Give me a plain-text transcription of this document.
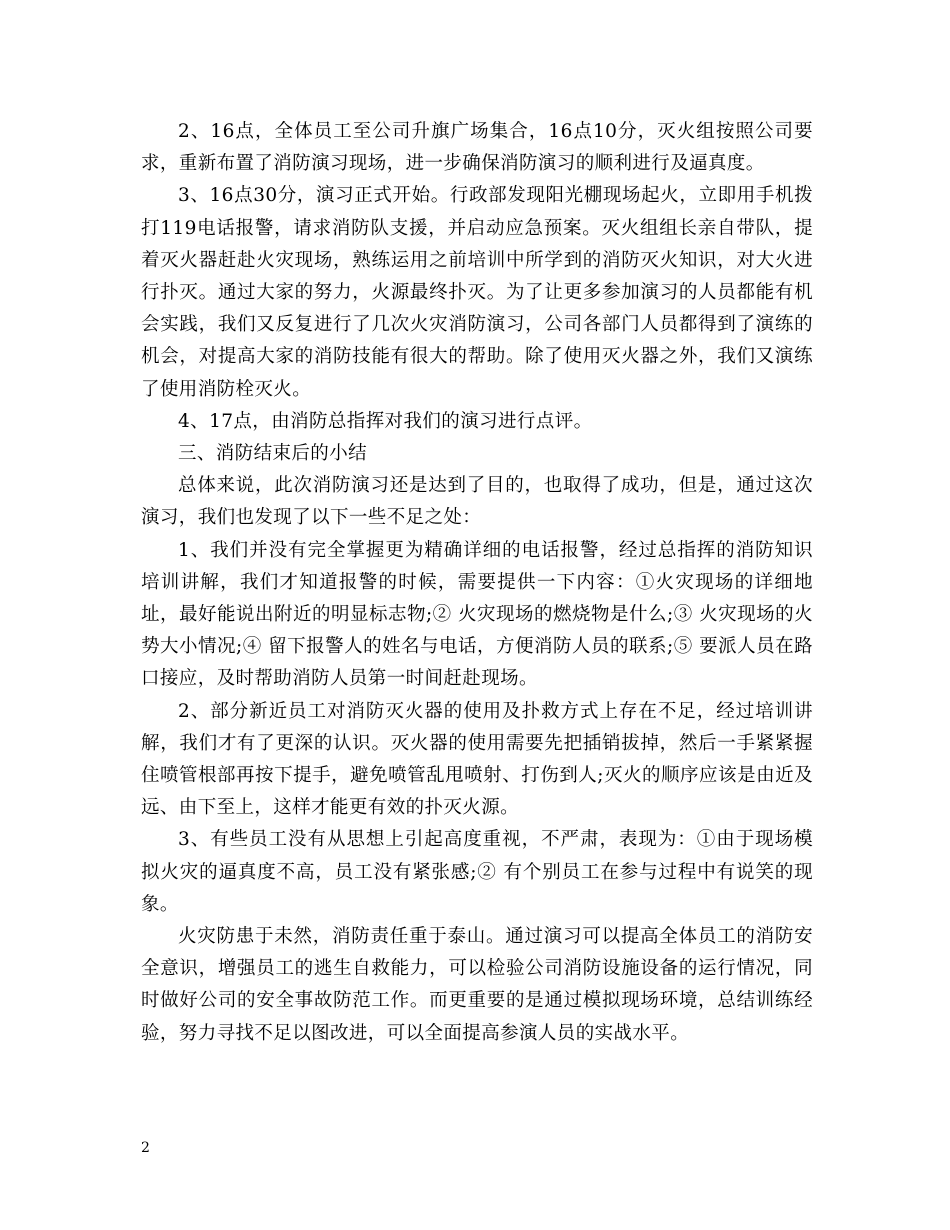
2、16点，全体员工至公司升旗广场集合，16点10分，灭火组按照公司要求，重新布置了消防演习现场，进一步确保消防演习的顺利进行及逼真度。

3、16点30分，演习正式开始。行政部发现阳光棚现场起火，立即用手机拨打119电话报警，请求消防队支援，并启动应急预案。灭火组组长亲自带队，提着灭火器赶赴火灾现场，熟练运用之前培训中所学到的消防灭火知识，对大火进行扑灭。通过大家的努力，火源最终扑灭。为了让更多参加演习的人员都能有机会实践，我们又反复进行了几次火灾消防演习，公司各部门人员都得到了演练的机会，对提高大家的消防技能有很大的帮助。除了使用灭火器之外，我们又演练了使用消防栓灭火。

4、17点，由消防总指挥对我们的演习进行点评。

三、消防结束后的小结

总体来说，此次消防演习还是达到了目的，也取得了成功，但是，通过这次演习，我们也发现了以下一些不足之处：

1、我们并没有完全掌握更为精确详细的电话报警，经过总指挥的消防知识培训讲解，我们才知道报警的时候，需要提供一下内容：①火灾现场的详细地址，最好能说出附近的明显标志物;② 火灾现场的燃烧物是什么;③ 火灾现场的火势大小情况;④ 留下报警人的姓名与电话，方便消防人员的联系;⑤ 要派人员在路口接应，及时帮助消防人员第一时间赶赴现场。

2、部分新近员工对消防灭火器的使用及扑救方式上存在不足，经过培训讲解，我们才有了更深的认识。灭火器的使用需要先把插销拔掉，然后一手紧紧握住喷管根部再按下提手，避免喷管乱甩喷射、打伤到人;灭火的顺序应该是由近及远、由下至上，这样才能更有效的扑灭火源。

3、有些员工没有从思想上引起高度重视，不严肃，表现为：①由于现场模拟火灾的逼真度不高，员工没有紧张感;② 有个别员工在参与过程中有说笑的现象。

火灾防患于未然，消防责任重于泰山。通过演习可以提高全体员工的消防安全意识，增强员工的逃生自救能力，可以检验公司消防设施设备的运行情况，同时做好公司的安全事故防范工作。而更重要的是通过模拟现场环境，总结训练经验，努力寻找不足以图改进，可以全面提高参演人员的实战水平。

2
